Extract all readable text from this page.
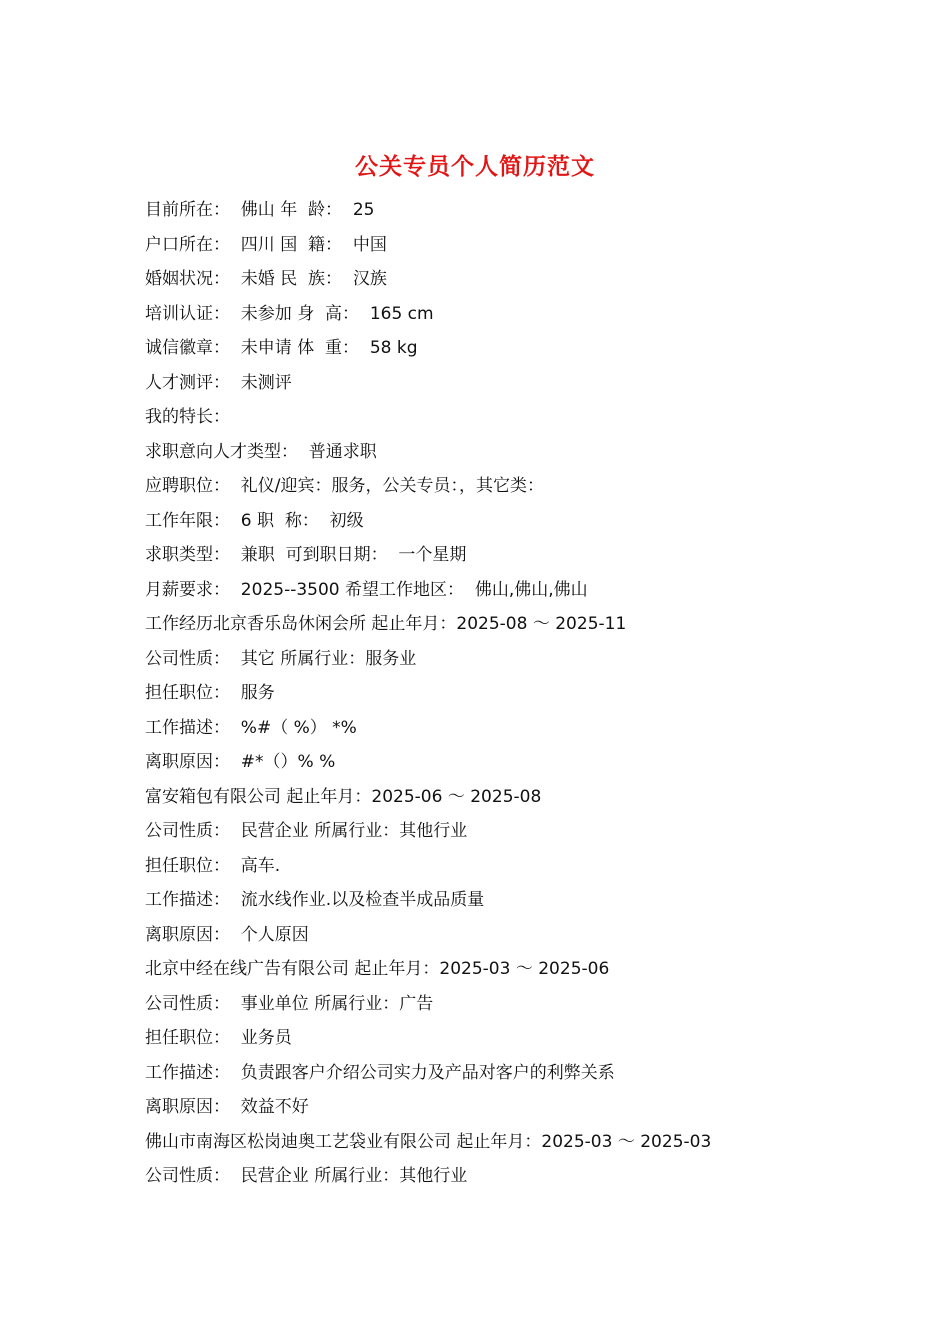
公关专员个人简历范文
目前所在：  佛山 年  龄：  25
户口所在：  四川 国  籍：  中国
婚姻状况：  未婚 民  族：  汉族
培训认证：  未参加 身  高：  165 cm
诚信徽章：  未申请 体  重：  58 kg
人才测评：  未测评
我的特长：
求职意向人才类型：  普通求职
应聘职位：  礼仪/迎宾：服务，公关专员：，其它类：
工作年限：  6 职  称：  初级
求职类型：  兼职  可到职日期：  一个星期
月薪要求：  2025--3500 希望工作地区：  佛山,佛山,佛山
工作经历北京香乐岛休闲会所 起止年月：2025-08 ～ 2025-11
公司性质：  其它 所属行业：服务业
担任职位：  服务
工作描述：  %#（ %） *%
离职原因：  #*（）% %
富安箱包有限公司 起止年月：2025-06 ～ 2025-08
公司性质：  民营企业 所属行业：其他行业
担任职位：  高车.
工作描述：  流水线作业.以及检查半成品质量
离职原因：  个人原因
北京中经在线广告有限公司 起止年月：2025-03 ～ 2025-06
公司性质：  事业单位 所属行业：广告
担任职位：  业务员
工作描述：  负责跟客户介绍公司实力及产品对客户的利弊关系
离职原因：  效益不好
佛山市南海区松岗迪奥工艺袋业有限公司 起止年月：2025-03 ～ 2025-03
公司性质：  民营企业 所属行业：其他行业
